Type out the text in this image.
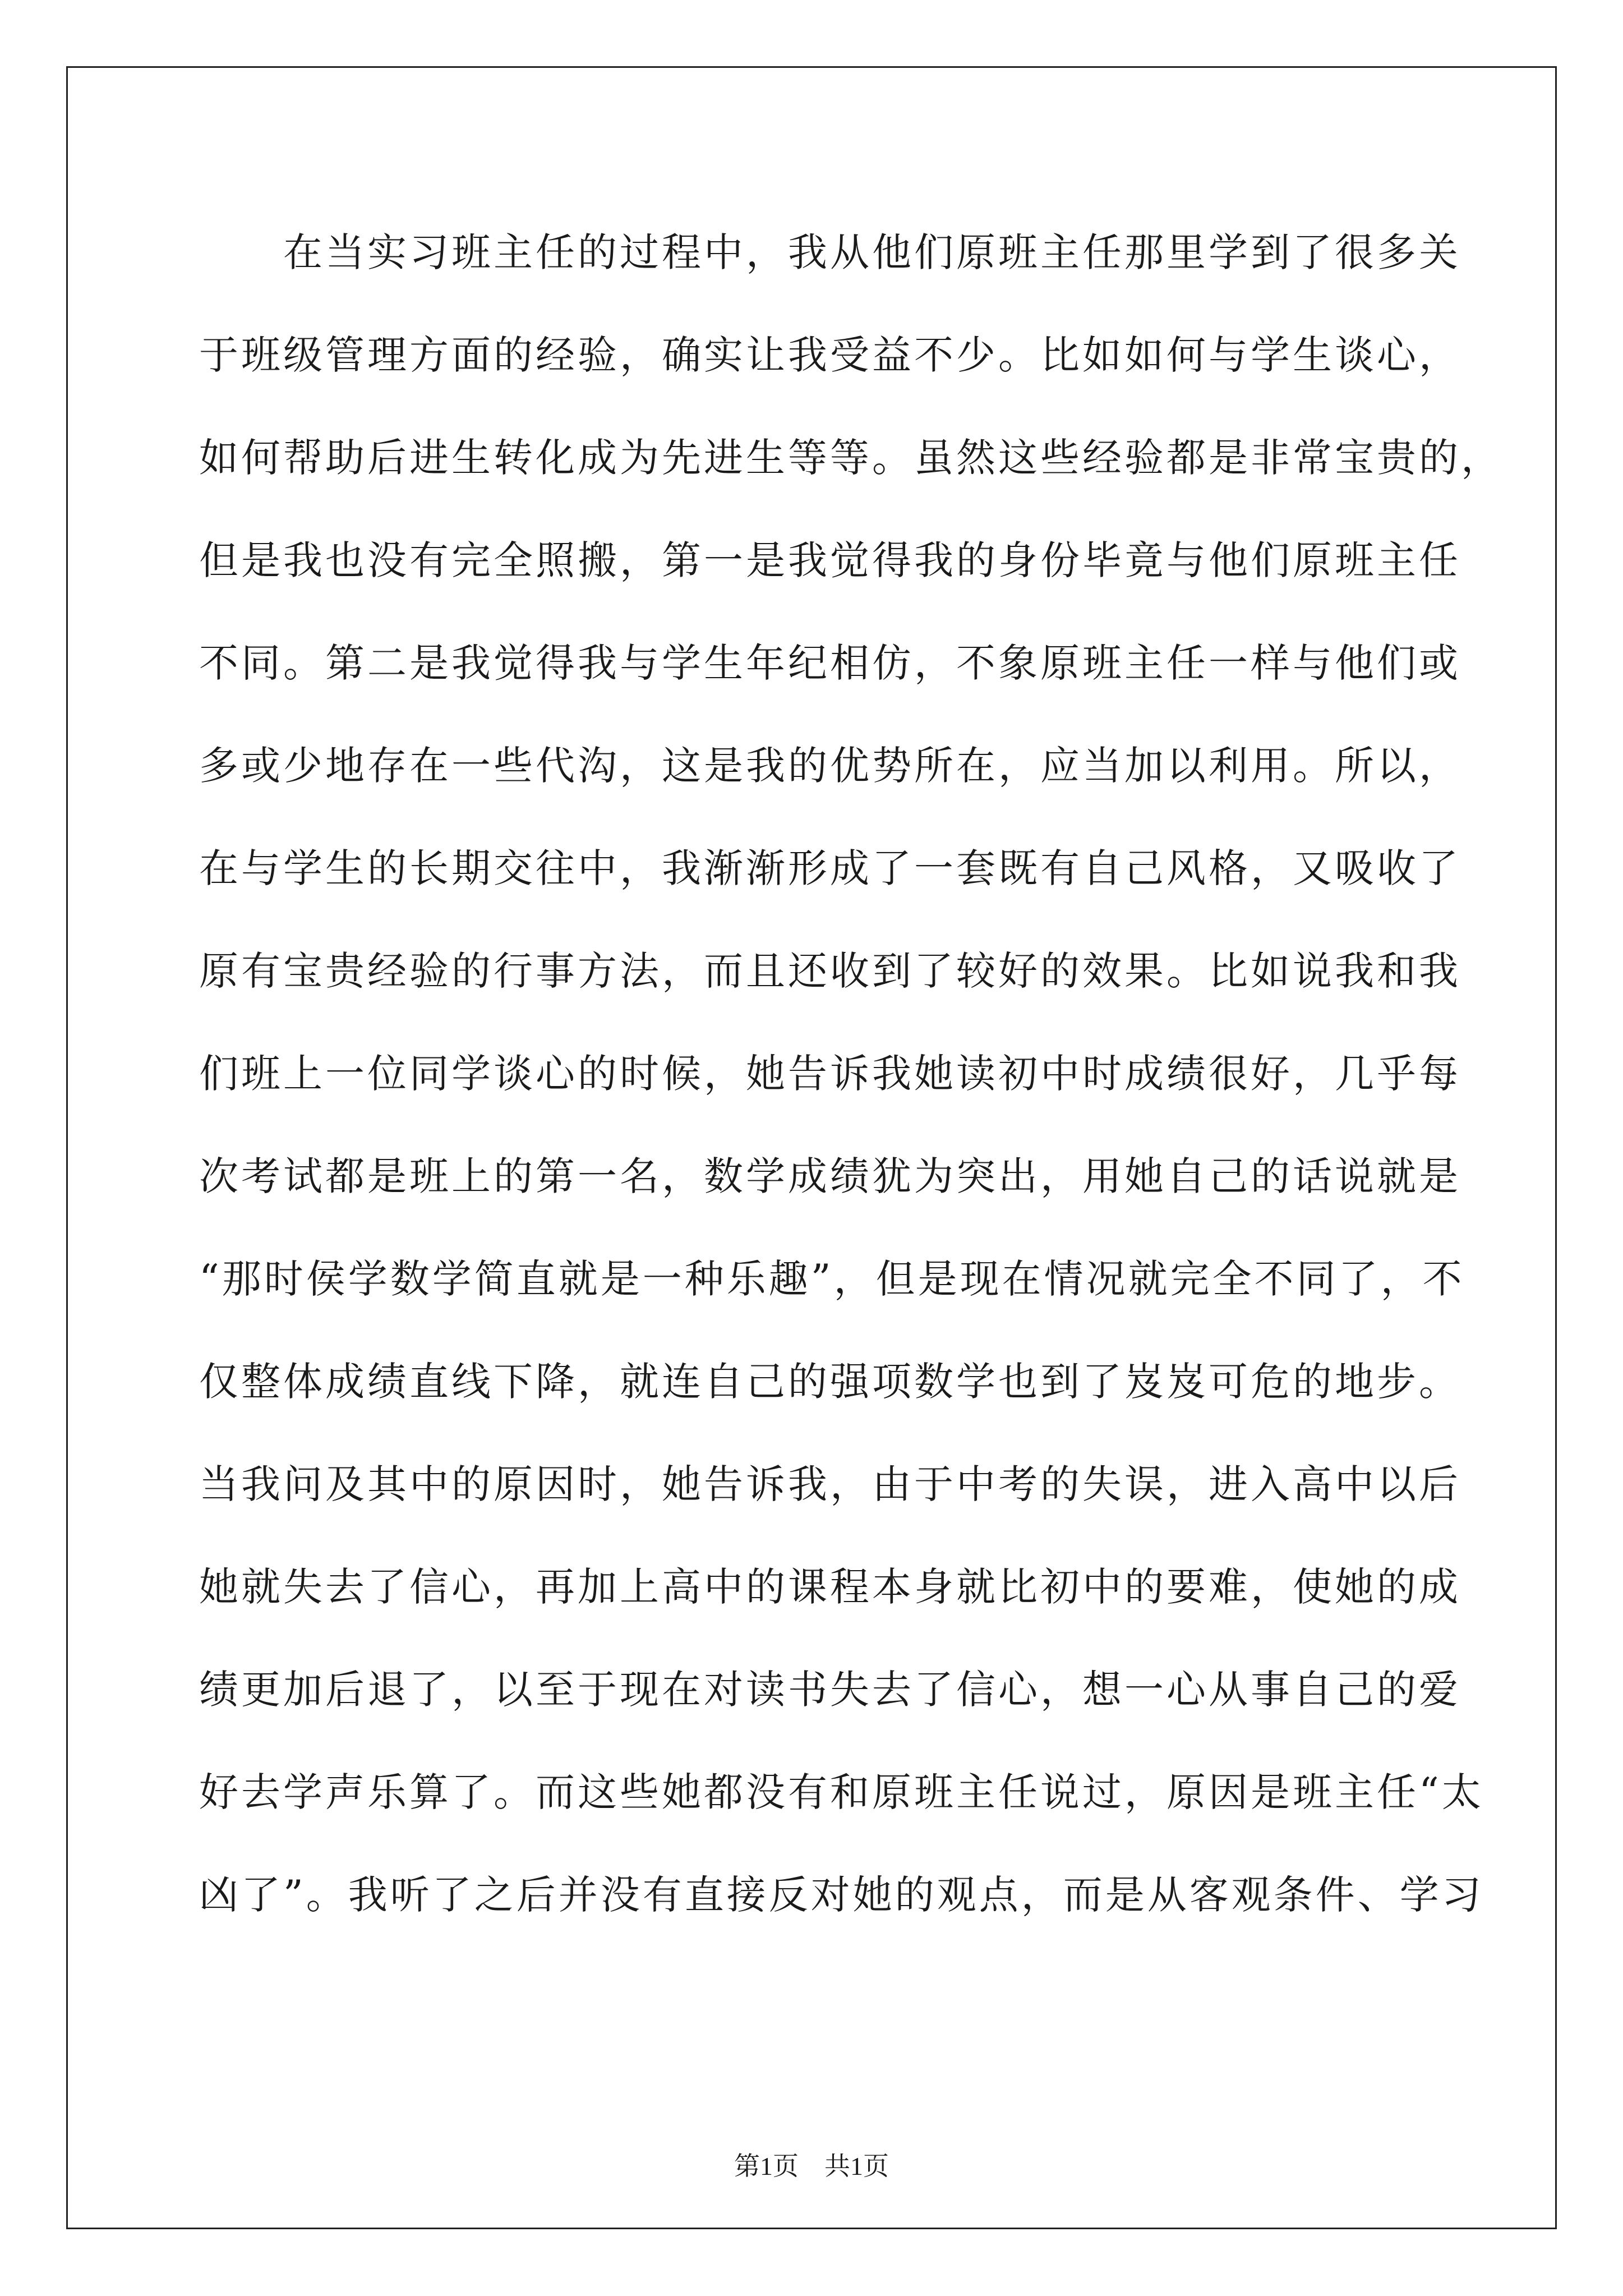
　　在当实习班主任的过程中，我从他们原班主任那里学到了很多关
于班级管理方面的经验，确实让我受益不少。比如如何与学生谈心，
如何帮助后进生转化成为先进生等等。虽然这些经验都是非常宝贵的，
但是我也没有完全照搬，第一是我觉得我的身份毕竟与他们原班主任
不同。第二是我觉得我与学生年纪相仿，不象原班主任一样与他们或
多或少地存在一些代沟，这是我的优势所在，应当加以利用。所以，
在与学生的长期交往中，我渐渐形成了一套既有自己风格，又吸收了
原有宝贵经验的行事方法，而且还收到了较好的效果。比如说我和我
们班上一位同学谈心的时候，她告诉我她读初中时成绩很好，几乎每
次考试都是班上的第一名，数学成绩犹为突出，用她自己的话说就是
“那时侯学数学简直就是一种乐趣”，但是现在情况就完全不同了，不
仅整体成绩直线下降，就连自己的强项数学也到了岌岌可危的地步。
当我问及其中的原因时，她告诉我，由于中考的失误，进入高中以后
她就失去了信心，再加上高中的课程本身就比初中的要难，使她的成
绩更加后退了，以至于现在对读书失去了信心，想一心从事自己的爱
好去学声乐算了。而这些她都没有和原班主任说过，原因是班主任“太
凶了”。我听了之后并没有直接反对她的观点，而是从客观条件、学习
第1页　共1页
